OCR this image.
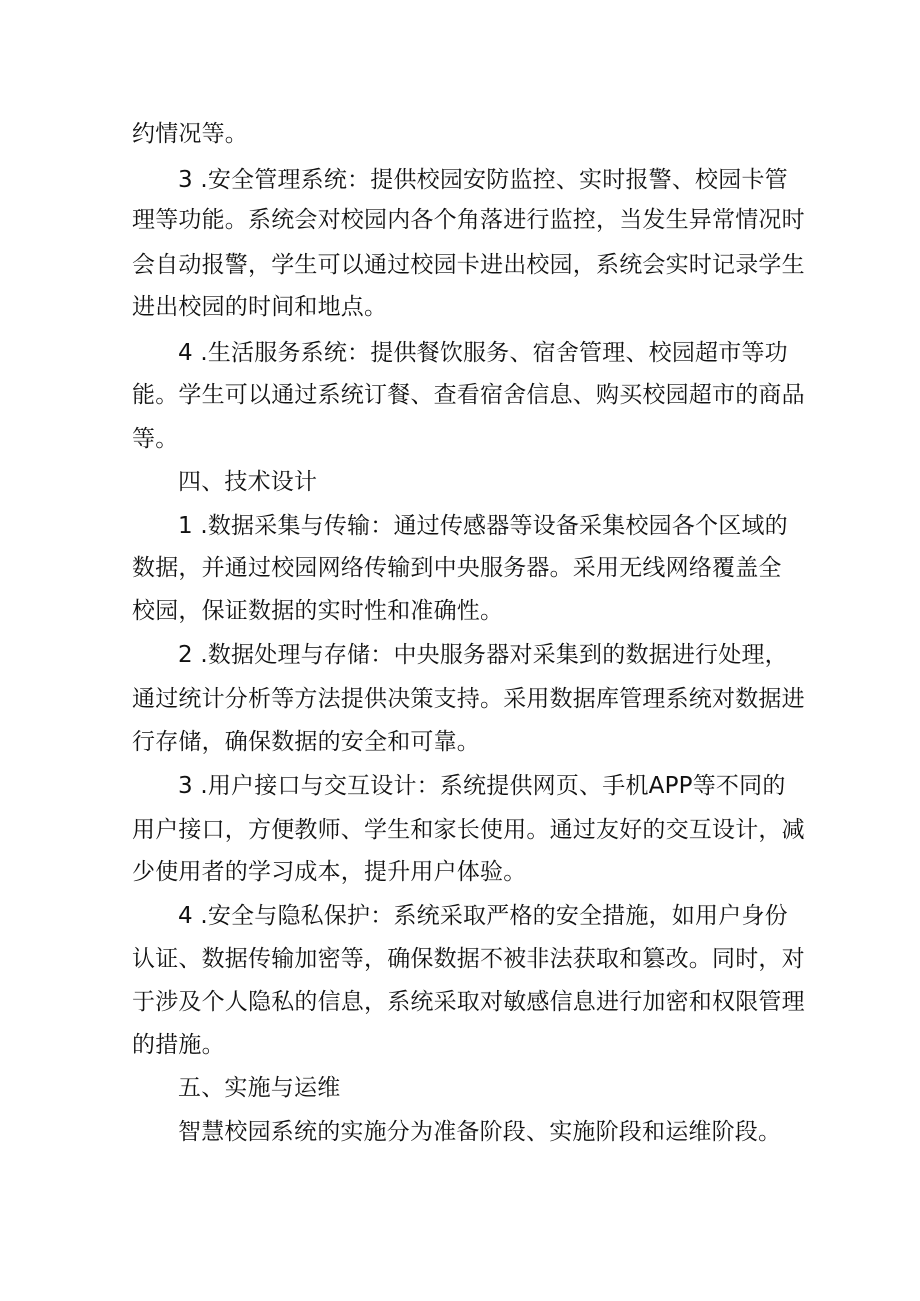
约情况等。
3 .安全管理系统：提供校园安防监控、实时报警、校园卡管
理等功能。系统会对校园内各个角落进行监控，当发生异常情况时
会自动报警，学生可以通过校园卡进出校园，系统会实时记录学生
进出校园的时间和地点。
4 .生活服务系统：提供餐饮服务、宿舍管理、校园超市等功
能。学生可以通过系统订餐、查看宿舍信息、购买校园超市的商品
等。
四、技术设计
1 .数据采集与传输：通过传感器等设备采集校园各个区域的
数据，并通过校园网络传输到中央服务器。采用无线网络覆盖全
校园，保证数据的实时性和准确性。
2 .数据处理与存储：中央服务器对采集到的数据进行处理，
通过统计分析等方法提供决策支持。采用数据库管理系统对数据进
行存储，确保数据的安全和可靠。
3 .用户接口与交互设计：系统提供网页、手机APP等不同的
用户接口，方便教师、学生和家长使用。通过友好的交互设计，减
少使用者的学习成本，提升用户体验。
4 .安全与隐私保护：系统采取严格的安全措施，如用户身份
认证、数据传输加密等，确保数据不被非法获取和篡改。同时，对
于涉及个人隐私的信息，系统采取对敏感信息进行加密和权限管理
的措施。
五、实施与运维
智慧校园系统的实施分为准备阶段、实施阶段和运维阶段。
